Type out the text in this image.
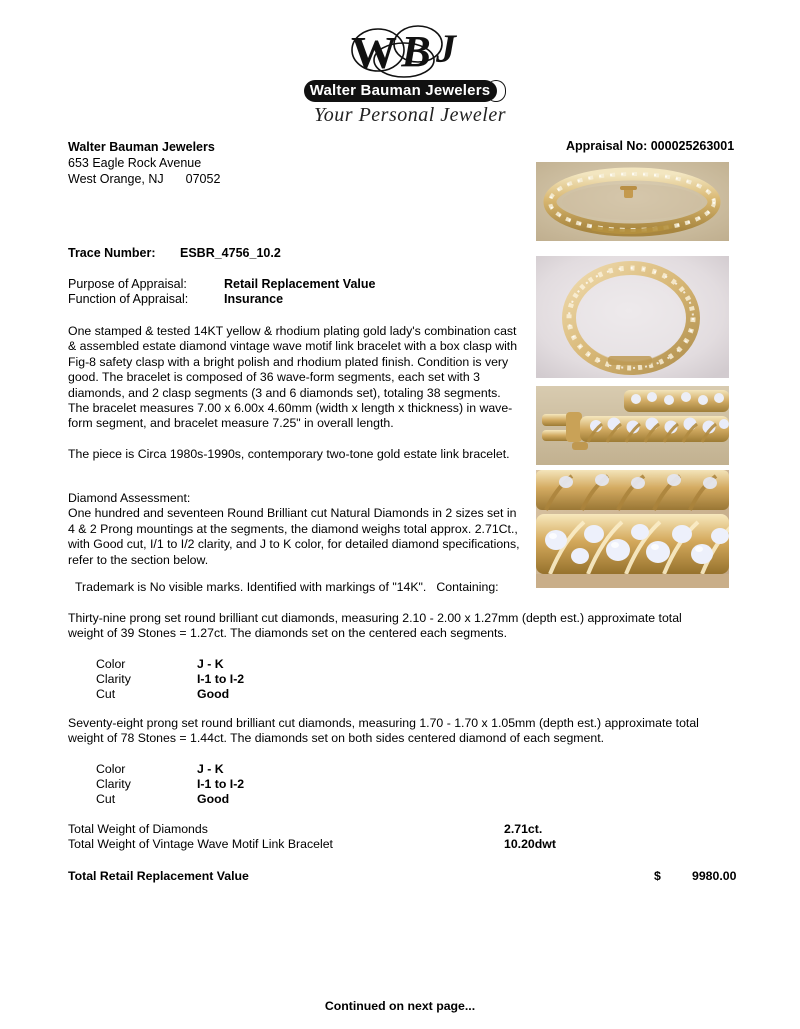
W B J
Walter Bauman Jewelers
Your Personal Jeweler
Walter Bauman Jewelers
653 Eagle Rock Avenue
West Orange, NJ 07052
Appraisal No: 000025263001
Trace Number: ESBR_4756_10.2
Purpose of Appraisal:	Retail Replacement Value
Function of Appraisal:	Insurance
One stamped & tested 14KT yellow & rhodium plating gold lady's combination cast & assembled estate diamond vintage wave motif link bracelet with a box clasp with Fig-8 safety clasp with a bright polish and rhodium plated finish. Condition is very good. The bracelet is composed of 36 wave-form segments, each set with 3 diamonds, and 2 clasp segments (3 and 6 diamonds set), totaling 38 segments. The bracelet measures 7.00 x 6.00x 4.60mm (width x length x thickness) in wave-form segment, and bracelet measure 7.25" in overall length.
The piece is Circa 1980s-1990s, contemporary two-tone gold estate link bracelet.
Diamond Assessment:
One hundred and seventeen Round Brilliant cut Natural Diamonds in 2 sizes set in 4 & 2 Prong mountings at the segments, the diamond weighs total approx. 2.71Ct., with Good cut, I/1 to I/2 clarity, and J to K color, for detailed diamond specifications, refer to the section below.
Trademark is No visible marks. Identified with markings of "14K". Containing:
Thirty-nine prong set round brilliant cut diamonds, measuring 2.10 - 2.00 x 1.27mm (depth est.) approximate total weight of 39 Stones = 1.27ct. The diamonds set on the centered each segments.
Color	J - K
Clarity	I-1 to I-2
Cut	Good
Seventy-eight prong set round brilliant cut diamonds, measuring 1.70 - 1.70 x 1.05mm (depth est.) approximate total weight of 78 Stones = 1.44ct. The diamonds set on both sides centered diamond of each segment.
Color	J - K
Clarity	I-1 to I-2
Cut	Good
Total Weight of Diamonds	2.71ct.
Total Weight of Vintage Wave Motif Link Bracelet	10.20dwt
Total Retail Replacement Value	$	9980.00
Continued on next page...
